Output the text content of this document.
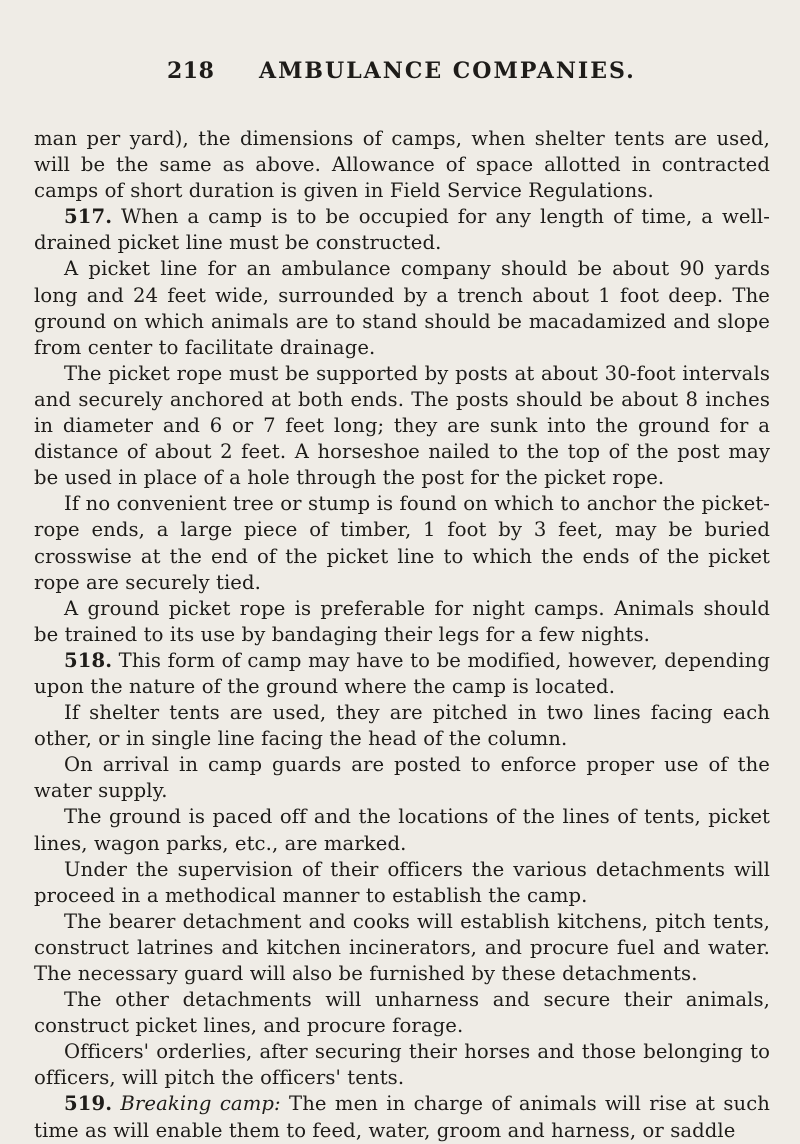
218 AMBULANCE COMPANIES.

man per yard), the dimensions of camps, when shelter tents are used, will be the same as above. Allowance of space allotted in contracted camps of short duration is given in Field Service Regulations.

517. When a camp is to be occupied for any length of time, a well-drained picket line must be constructed.

A picket line for an ambulance company should be about 90 yards long and 24 feet wide, surrounded by a trench about 1 foot deep. The ground on which animals are to stand should be macadamized and slope from center to facilitate drainage.

The picket rope must be supported by posts at about 30-foot intervals and securely anchored at both ends. The posts should be about 8 inches in diameter and 6 or 7 feet long; they are sunk into the ground for a distance of about 2 feet. A horseshoe nailed to the top of the post may be used in place of a hole through the post for the picket rope.

If no convenient tree or stump is found on which to anchor the picket-rope ends, a large piece of timber, 1 foot by 3 feet, may be buried crosswise at the end of the picket line to which the ends of the picket rope are securely tied.

A ground picket rope is preferable for night camps. Animals should be trained to its use by bandaging their legs for a few nights.

518. This form of camp may have to be modified, however, depending upon the nature of the ground where the camp is located.

If shelter tents are used, they are pitched in two lines facing each other, or in single line facing the head of the column.

On arrival in camp guards are posted to enforce proper use of the water supply.

The ground is paced off and the locations of the lines of tents, picket lines, wagon parks, etc., are marked.

Under the supervision of their officers the various detachments will proceed in a methodical manner to establish the camp.

The bearer detachment and cooks will establish kitchens, pitch tents, construct latrines and kitchen incinerators, and procure fuel and water. The necessary guard will also be furnished by these detachments.

The other detachments will unharness and secure their animals, construct picket lines, and procure forage.

Officers' orderlies, after securing their horses and those belonging to officers, will pitch the officers' tents.

519. Breaking camp: The men in charge of animals will rise at such time as will enable them to feed, water, groom and harness, or saddle
